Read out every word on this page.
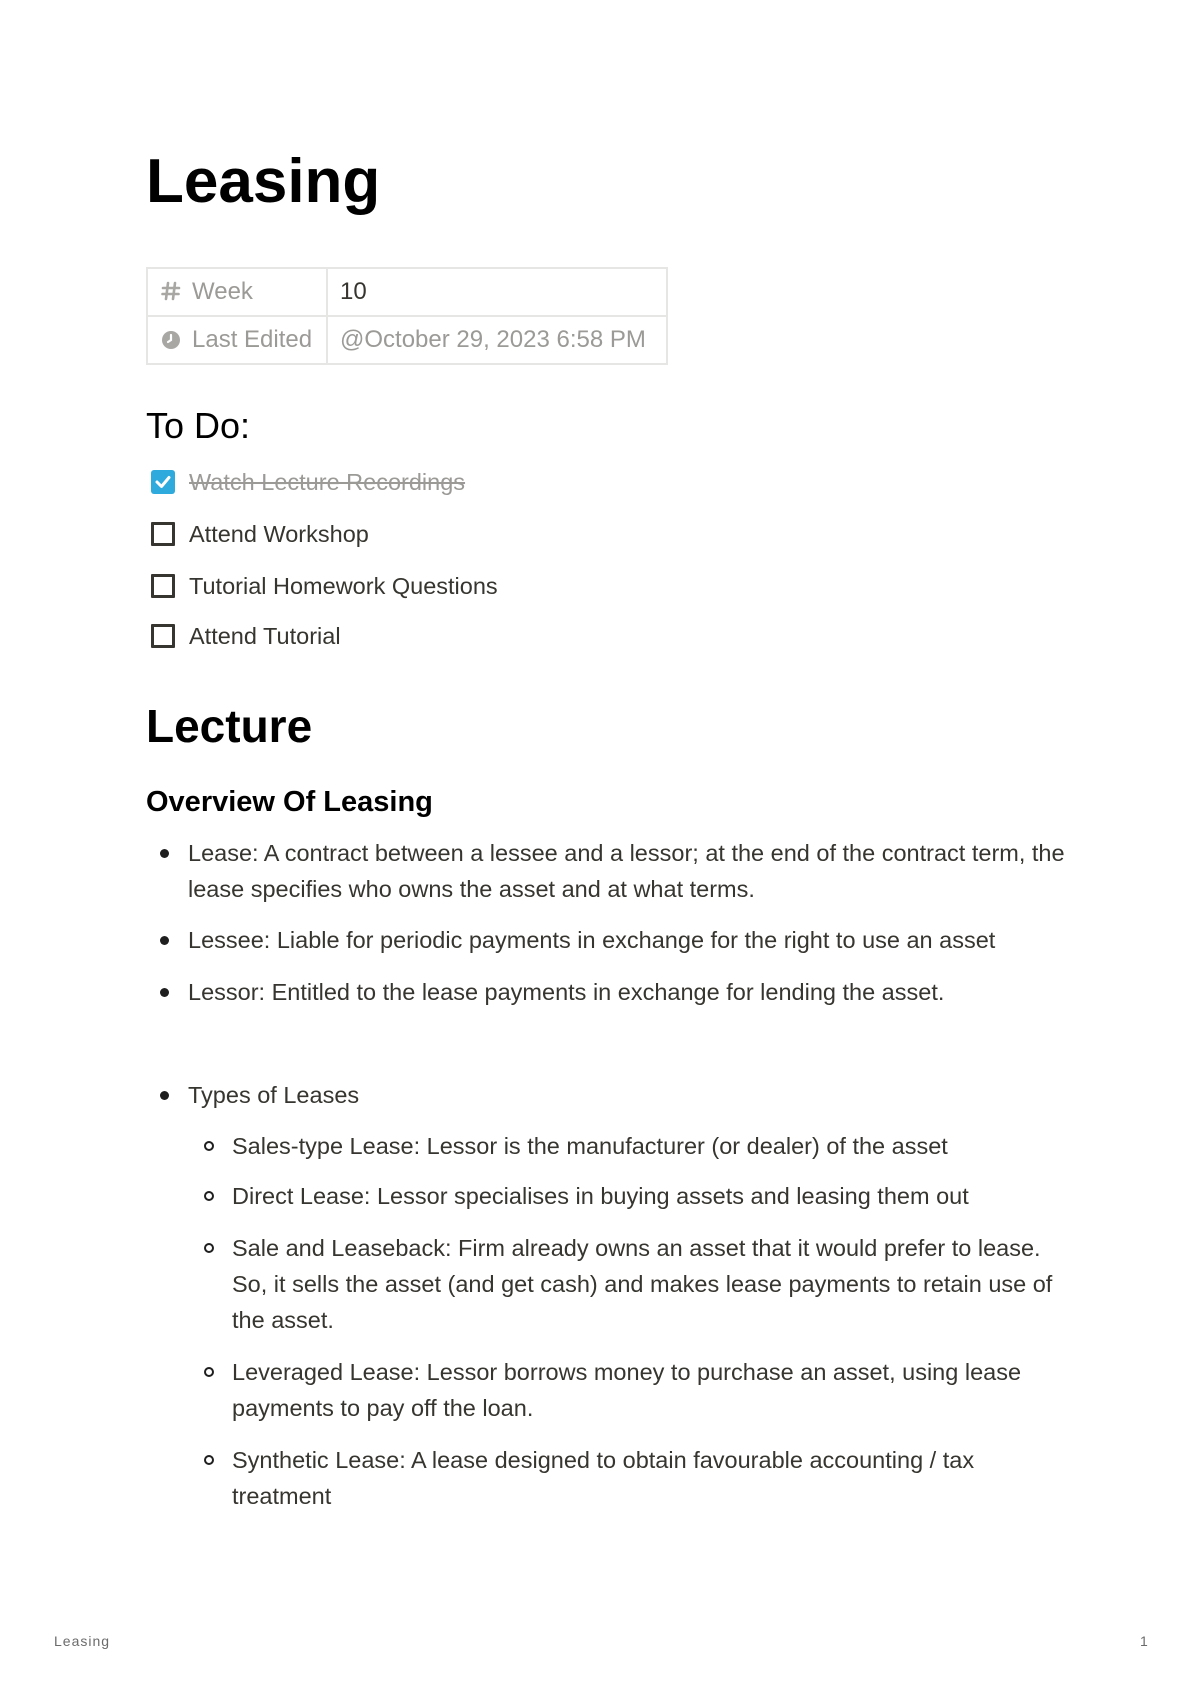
Leasing
Week	10
Last Edited	@October 29, 2023 6:58 PM
To Do:
Watch Lecture Recordings
Attend Workshop
Tutorial Homework Questions
Attend Tutorial
Lecture
Overview Of Leasing
Lease: A contract between a lessee and a lessor; at the end of the contract term, the lease specifies who owns the asset and at what terms.
Lessee: Liable for periodic payments in exchange for the right to use an asset
Lessor: Entitled to the lease payments in exchange for lending the asset.
Types of Leases
Sales-type Lease: Lessor is the manufacturer (or dealer) of the asset
Direct Lease: Lessor specialises in buying assets and leasing them out
Sale and Leaseback: Firm already owns an asset that it would prefer to lease. So, it sells the asset (and get cash) and makes lease payments to retain use of the asset.
Leveraged Lease: Lessor borrows money to purchase an asset, using lease payments to pay off the loan.
Synthetic Lease: A lease designed to obtain favourable accounting / tax treatment
Leasing	1
